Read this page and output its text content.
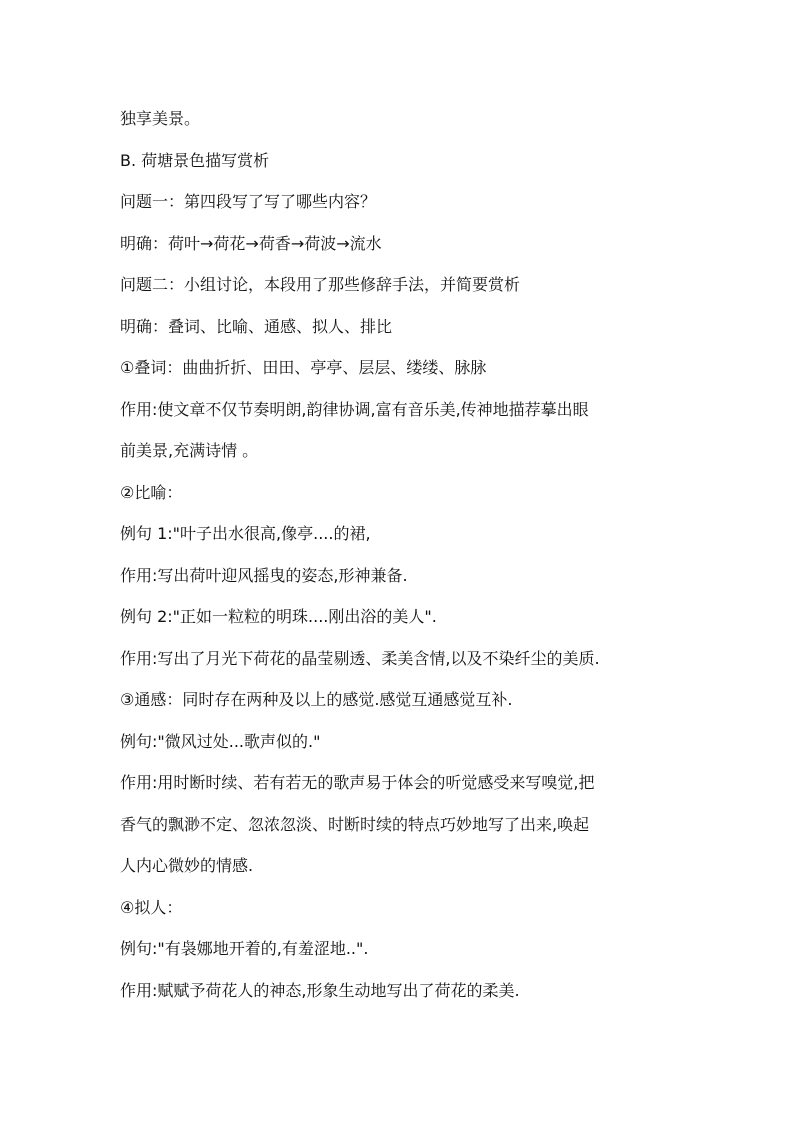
独享美景。
B. 荷塘景色描写赏析
问题一：第四段写了写了哪些内容？
明确：荷叶→荷花→荷香→荷波→流水
问题二：小组讨论，本段用了那些修辞手法，并简要赏析
明确：叠词、比喻、通感、拟人、排比
①叠词：曲曲折折、田田、亭亭、层层、缕缕、脉脉
作用:使文章不仅节奏明朗,韵律协调,富有音乐美,传神地描荐摹出眼
前美景,充满诗情 。
②比喻：
例句 1:"叶子出水很高,像亭....的裙,
作用:写出荷叶迎风摇曳的姿态,形神兼备.
例句 2:"正如一粒粒的明珠....刚出浴的美人".
作用:写出了月光下荷花的晶莹剔透、柔美含情,以及不染纤尘的美质.
③通感：同时存在两种及以上的感觉.感觉互通感觉互补.
例句:"微风过处...歌声似的."
作用:用时断时续、若有若无的歌声易于体会的听觉感受来写嗅觉,把
香气的飘渺不定、忽浓忽淡、时断时续的特点巧妙地写了出来,唤起
人内心微妙的情感.
④拟人：
例句:"有袅娜地开着的,有羞涩地..".
作用:赋赋予荷花人的神态,形象生动地写出了荷花的柔美.
